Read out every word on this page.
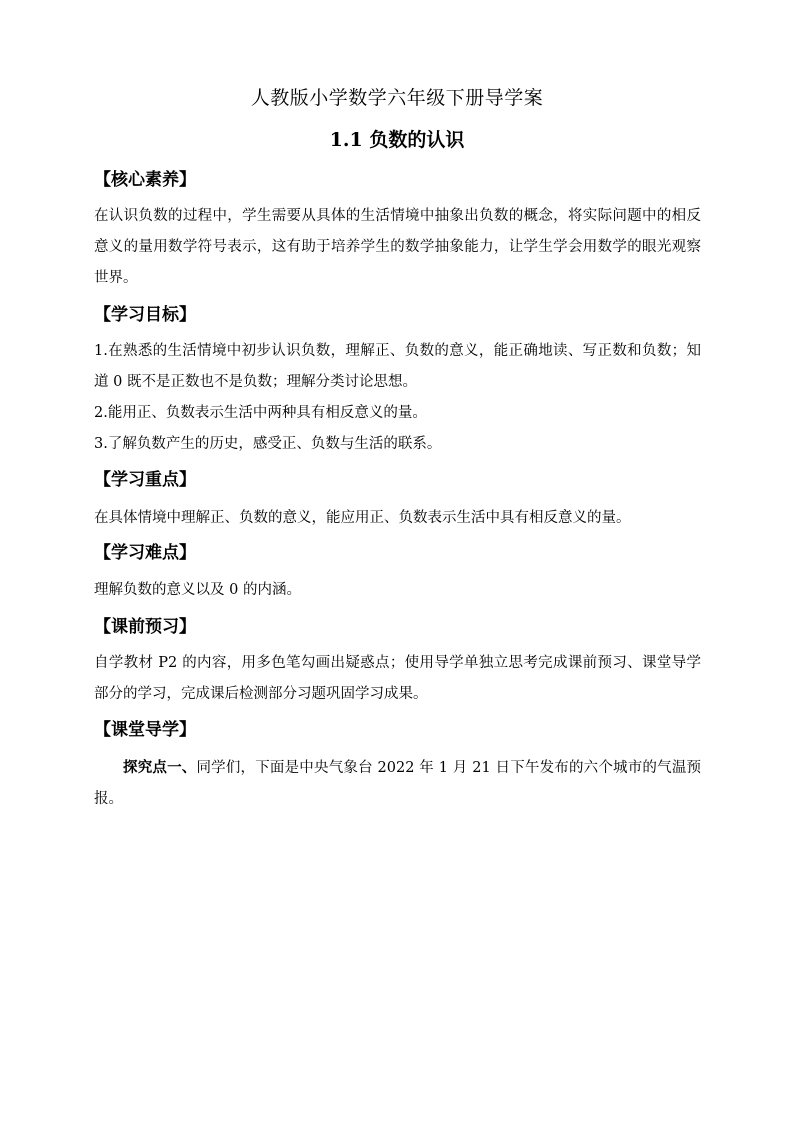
人教版小学数学六年级下册导学案
1.1 负数的认识
【核心素养】
在认识负数的过程中，学生需要从具体的生活情境中抽象出负数的概念，将实际问题中的相反意义的量用数学符号表示，这有助于培养学生的数学抽象能力，让学生学会用数学的眼光观察世界。
【学习目标】
1.在熟悉的生活情境中初步认识负数，理解正、负数的意义，能正确地读、写正数和负数；知道 0 既不是正数也不是负数；理解分类讨论思想。
2.能用正、负数表示生活中两种具有相反意义的量。
3.了解负数产生的历史，感受正、负数与生活的联系。
【学习重点】
在具体情境中理解正、负数的意义，能应用正、负数表示生活中具有相反意义的量。
【学习难点】
理解负数的意义以及 0 的内涵。
【课前预习】
自学教材 P2 的内容，用多色笔勾画出疑惑点；使用导学单独立思考完成课前预习、课堂导学部分的学习，完成课后检测部分习题巩固学习成果。
【课堂导学】
探究点一、同学们，下面是中央气象台 2022 年 1 月 21 日下午发布的六个城市的气温预报。
